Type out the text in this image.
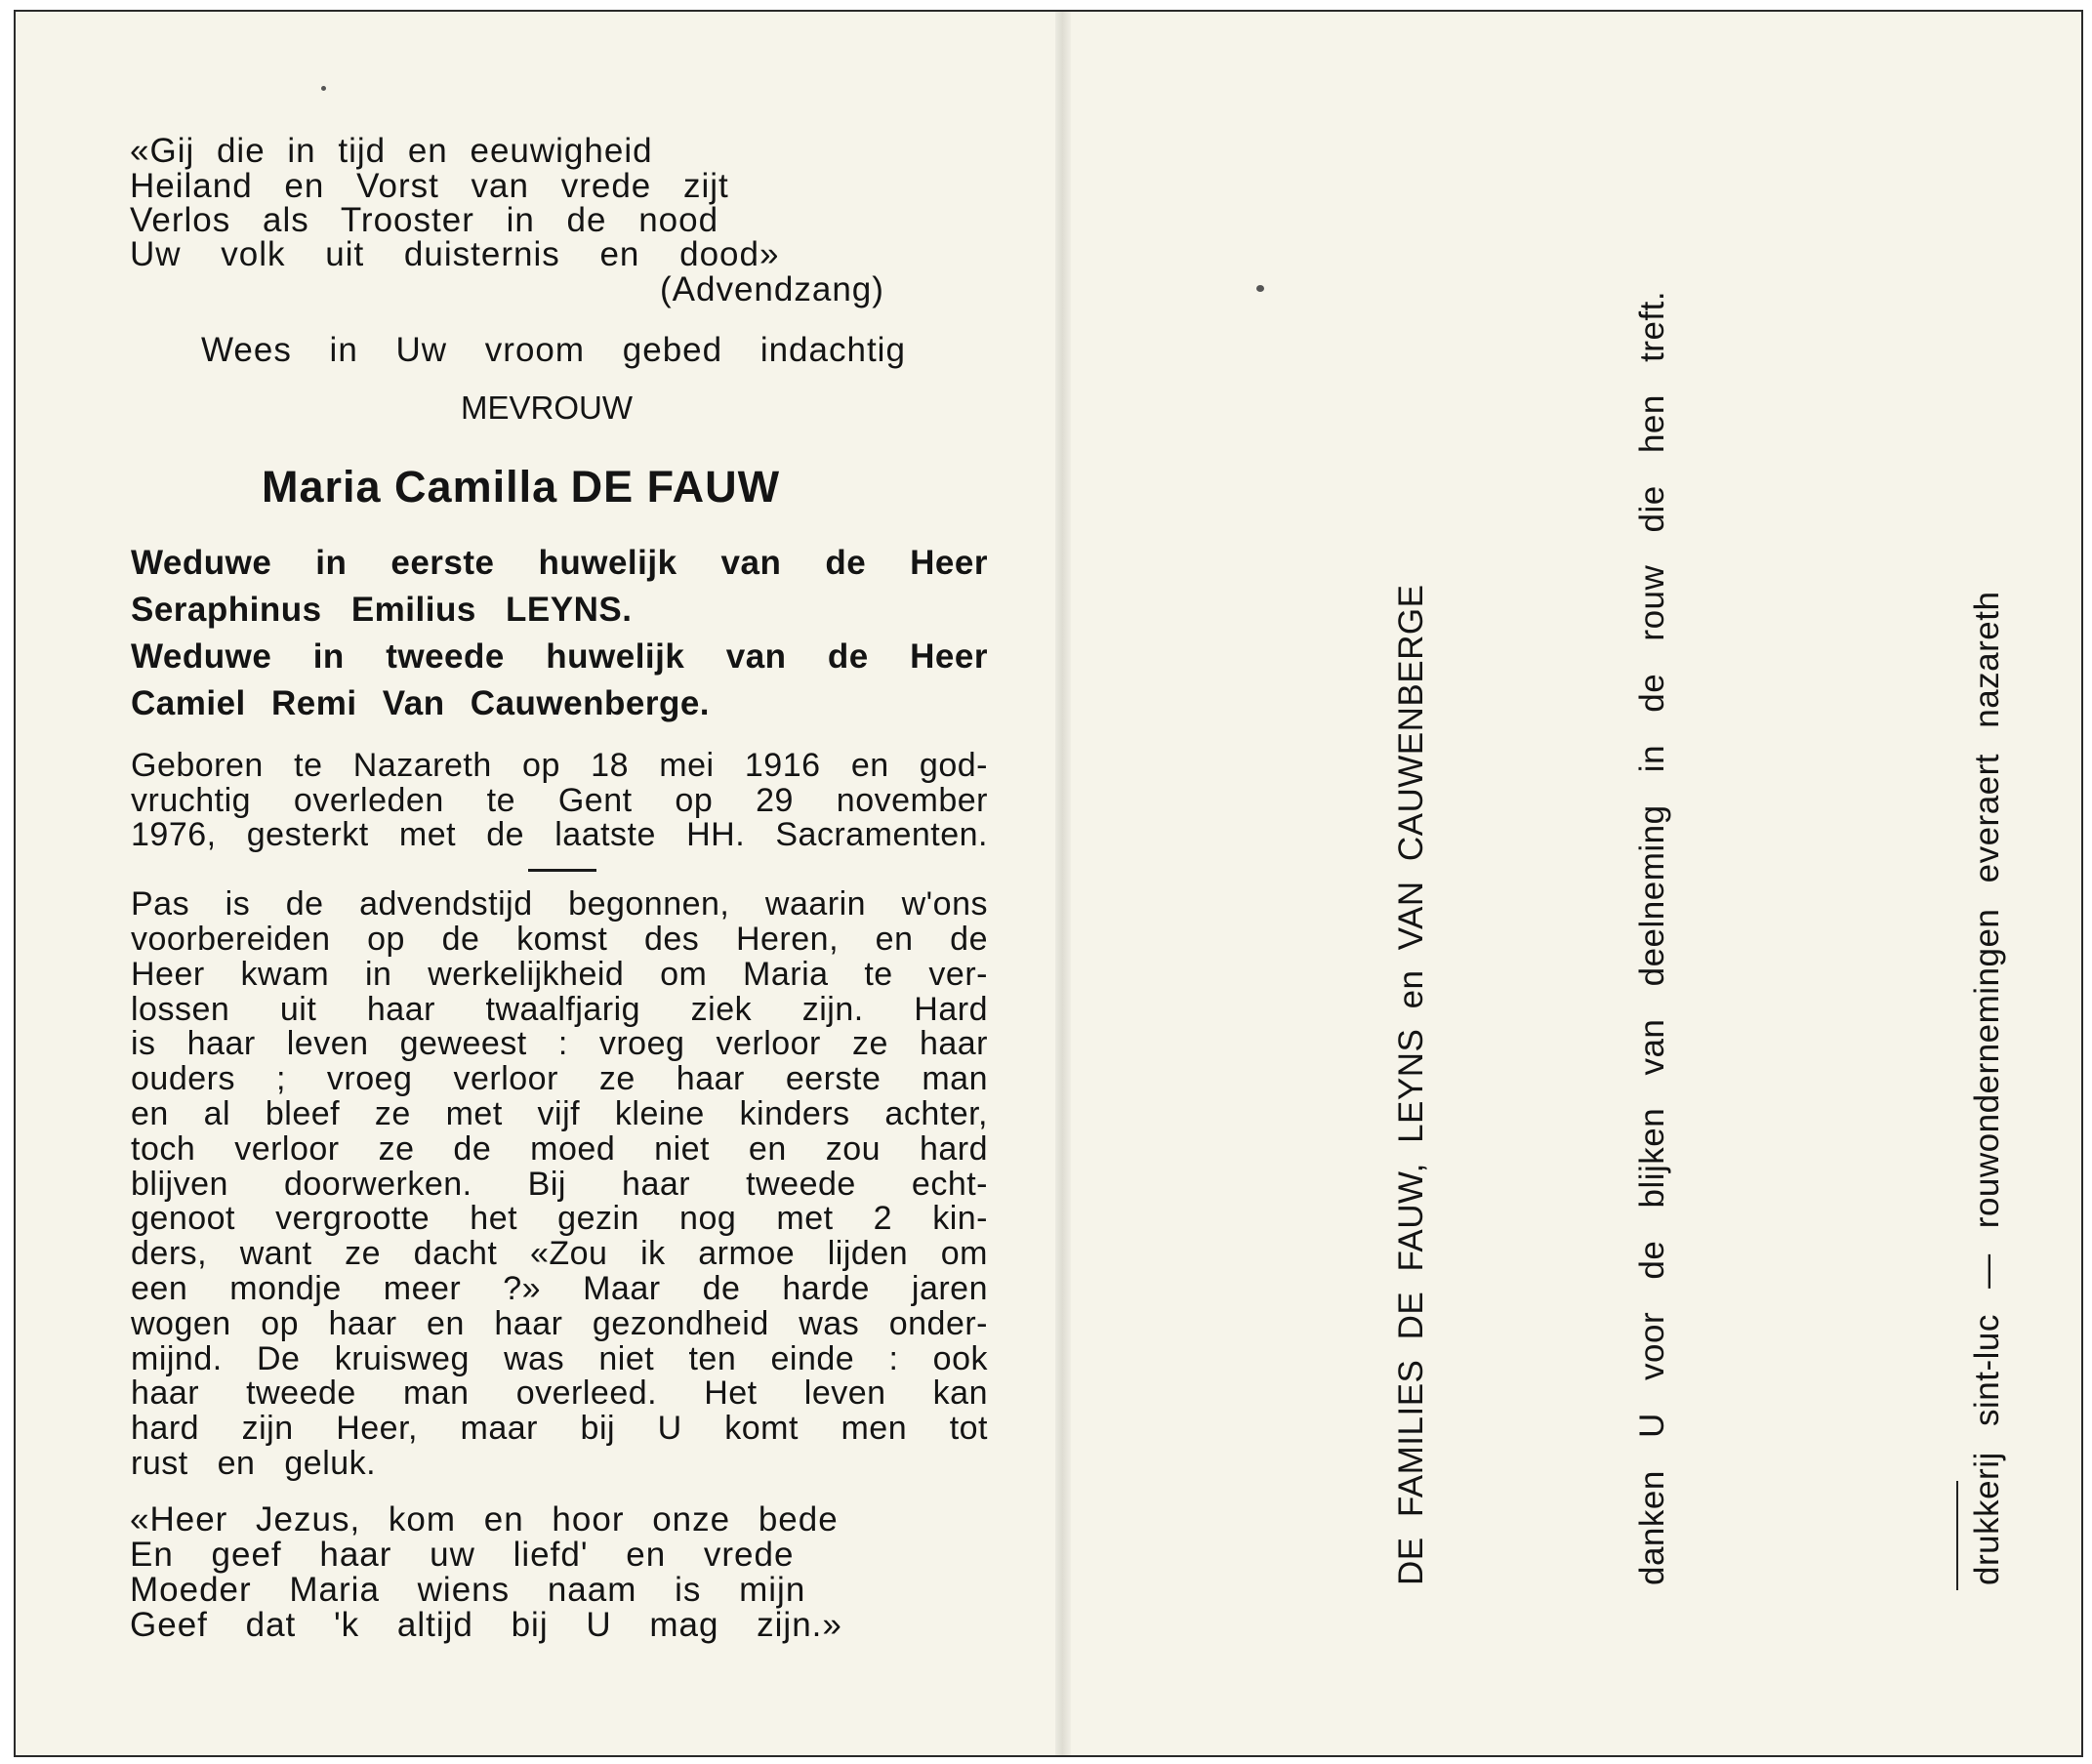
«Gij die in tijd en eeuwigheid
Heiland en Vorst van vrede zijt
Verlos als Trooster in de nood
Uw volk uit duisternis en dood»
(Advendzang)
Wees in Uw vroom gebed indachtig
MEVROUW
Maria Camilla DE FAUW
Weduwe in eerste huwelijk van de Heer
Seraphinus Emilius LEYNS.
Weduwe in tweede huwelijk van de Heer
Camiel Remi Van Cauwenberge.
Geboren te Nazareth op 18 mei 1916 en god-
vruchtig overleden te Gent op 29 november
1976, gesterkt met de laatste HH. Sacramenten.
Pas is de advendstijd begonnen, waarin w'ons
voorbereiden op de komst des Heren, en de
Heer kwam in werkelijkheid om Maria te ver-
lossen uit haar twaalfjarig ziek zijn. Hard
is haar leven geweest : vroeg verloor ze haar
ouders ; vroeg verloor ze haar eerste man
en al bleef ze met vijf kleine kinders achter,
toch verloor ze de moed niet en zou hard
blijven doorwerken. Bij haar tweede echt-
genoot vergrootte het gezin nog met 2 kin-
ders, want ze dacht «Zou ik armoe lijden om
een mondje meer ?» Maar de harde jaren
wogen op haar en haar gezondheid was onder-
mijnd. De kruisweg was niet ten einde : ook
haar tweede man overleed. Het leven kan
hard zijn Heer, maar bij U komt men tot
rust en geluk.
«Heer Jezus, kom en hoor onze bede
En geef haar uw liefd' en vrede
Moeder Maria wiens naam is mijn
Geef dat 'k altijd bij U mag zijn.»
DE FAMILIES DE FAUW, LEYNS en VAN CAUWENBERGE	danken U voor de blijken van deelneming in de rouw die hen treft.	drukkerij sint-luc — rouwondernemingen everaert nazareth
